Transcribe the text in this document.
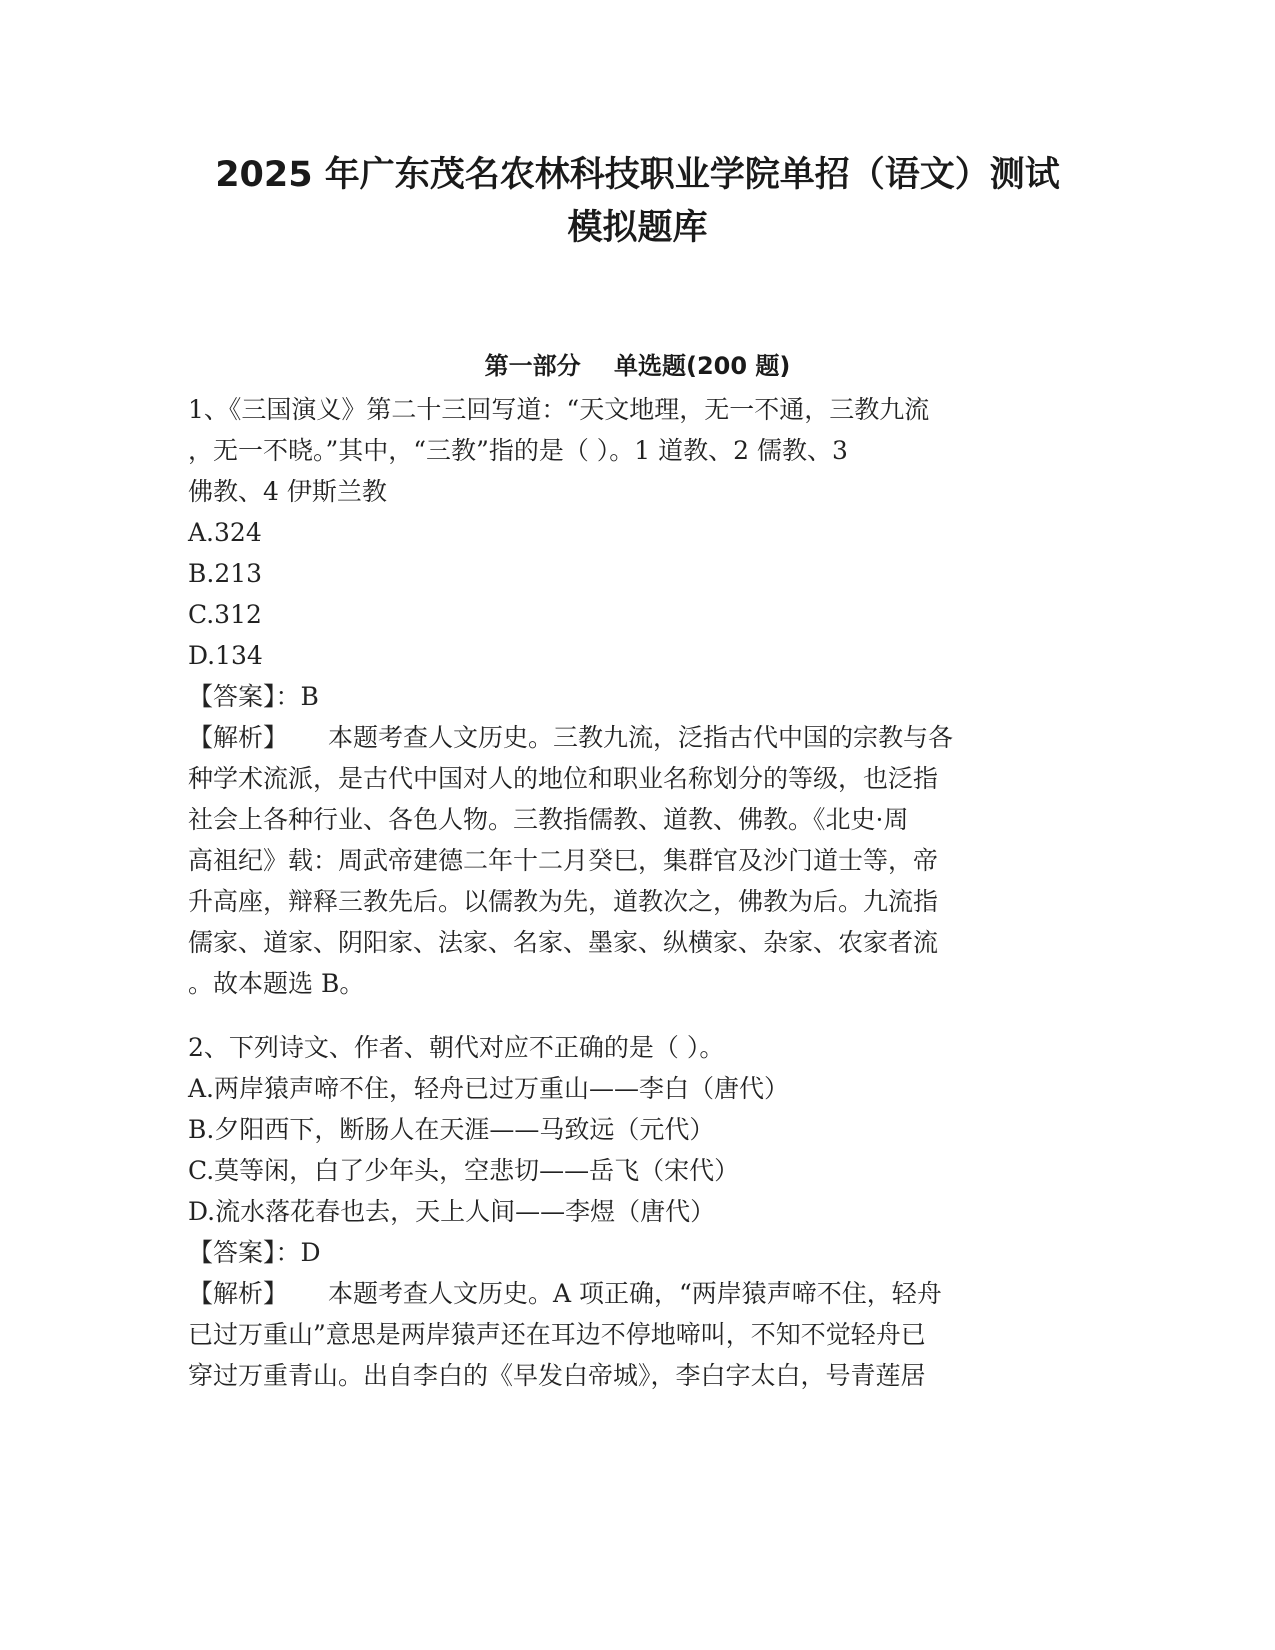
2025 年广东茂名农林科技职业学院单招（语文）测试
模拟题库
第一部分    单选题(200 题)

1、《三国演义》第二十三回写道：“天文地理，无一不通，三教九流

，无一不晓。”其中，“三教”指的是（ ）。1 道教、2 儒教、3

佛教、4 伊斯兰教

A.324

B.213

C.312

D.134

【答案】：B

【解析】 本题考查人文历史。三教九流，泛指古代中国的宗教与各

种学术流派，是古代中国对人的地位和职业名称划分的等级，也泛指

社会上各种行业、各色人物。三教指儒教、道教、佛教。《北史·周

高祖纪》载：周武帝建德二年十二月癸巳，集群官及沙门道士等，帝

升高座，辩释三教先后。以儒教为先，道教次之，佛教为后。九流指

儒家、道家、阴阳家、法家、名家、墨家、纵横家、杂家、农家者流

。故本题选 B。

2、下列诗文、作者、朝代对应不正确的是（ ）。

A.两岸猿声啼不住，轻舟已过万重山——李白（唐代）

B.夕阳西下，断肠人在天涯——马致远（元代）

C.莫等闲，白了少年头，空悲切——岳飞（宋代）

D.流水落花春也去，天上人间——李煜（唐代）

【答案】：D

【解析】 本题考查人文历史。A 项正确，“两岸猿声啼不住，轻舟

已过万重山”意思是两岸猿声还在耳边不停地啼叫，不知不觉轻舟已

穿过万重青山。出自李白的《早发白帝城》，李白字太白，号青莲居
